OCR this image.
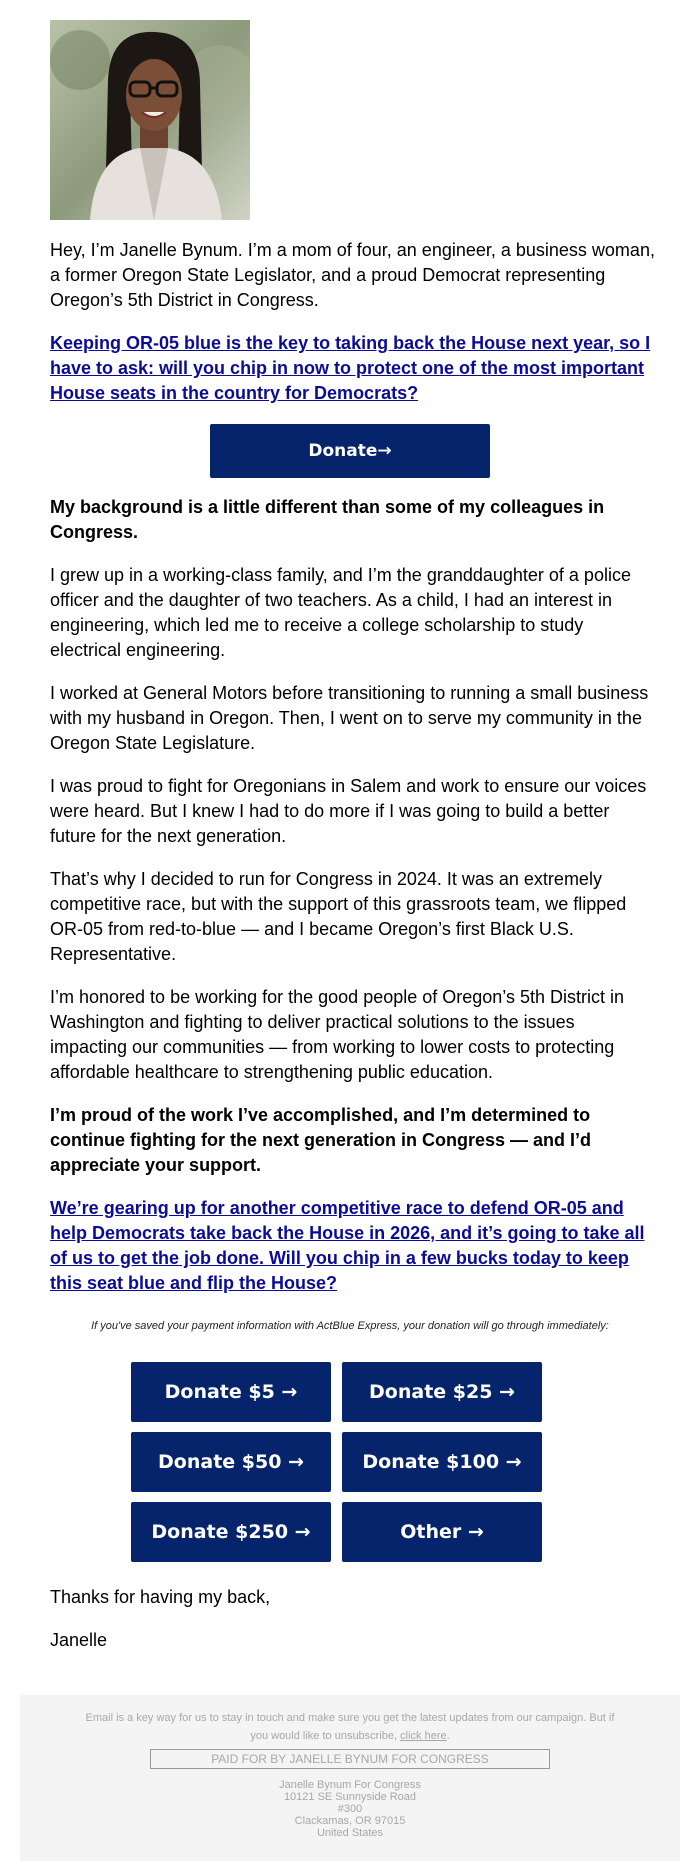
Hey, I’m Janelle Bynum. I’m a mom of four, an engineer, a business woman, a former Oregon State Legislator, and a proud Democrat representing Oregon’s 5th District in Congress.

Keeping OR-05 blue is the key to taking back the House next year, so I have to ask: will you chip in now to protect one of the most important House seats in the country for Democrats?
Donate→

My background is a little different than some of my colleagues in Congress.

I grew up in a working-class family, and I’m the granddaughter of a police officer and the daughter of two teachers. As a child, I had an interest in engineering, which led me to receive a college scholarship to study electrical engineering.

I worked at General Motors before transitioning to running a small business with my husband in Oregon. Then, I went on to serve my community in the Oregon State Legislature.

I was proud to fight for Oregonians in Salem and work to ensure our voices were heard. But I knew I had to do more if I was going to build a better future for the next generation.

That’s why I decided to run for Congress in 2024. It was an extremely competitive race, but with the support of this grassroots team, we flipped OR-05 from red-to-blue — and I became Oregon’s first Black U.S. Representative.

I’m honored to be working for the good people of Oregon’s 5th District in Washington and fighting to deliver practical solutions to the issues impacting our communities — from working to lower costs to protecting affordable healthcare to strengthening public education.

I’m proud of the work I’ve accomplished, and I’m determined to continue fighting for the next generation in Congress — and I’d appreciate your support.

We’re gearing up for another competitive race to defend OR-05 and help Democrats take back the House in 2026, and it’s going to take all of us to get the job done. Will you chip in a few bucks today to keep this seat blue and flip the House?
If you've saved your payment information with ActBlue Express, your donation will go through immediately:
Donate $5 →	Donate $25 →
Donate $50 →	Donate $100 →
Donate $250 →	Other →

Thanks for having my back,

Janelle

Email is a key way for us to stay in touch and make sure you get the latest updates from our campaign. But if you would like to unsubscribe, click here.
PAID FOR BY JANELLE BYNUM FOR CONGRESS
Janelle Bynum For Congress
10121 SE Sunnyside Road
#300
Clackamas, OR 97015
United States
